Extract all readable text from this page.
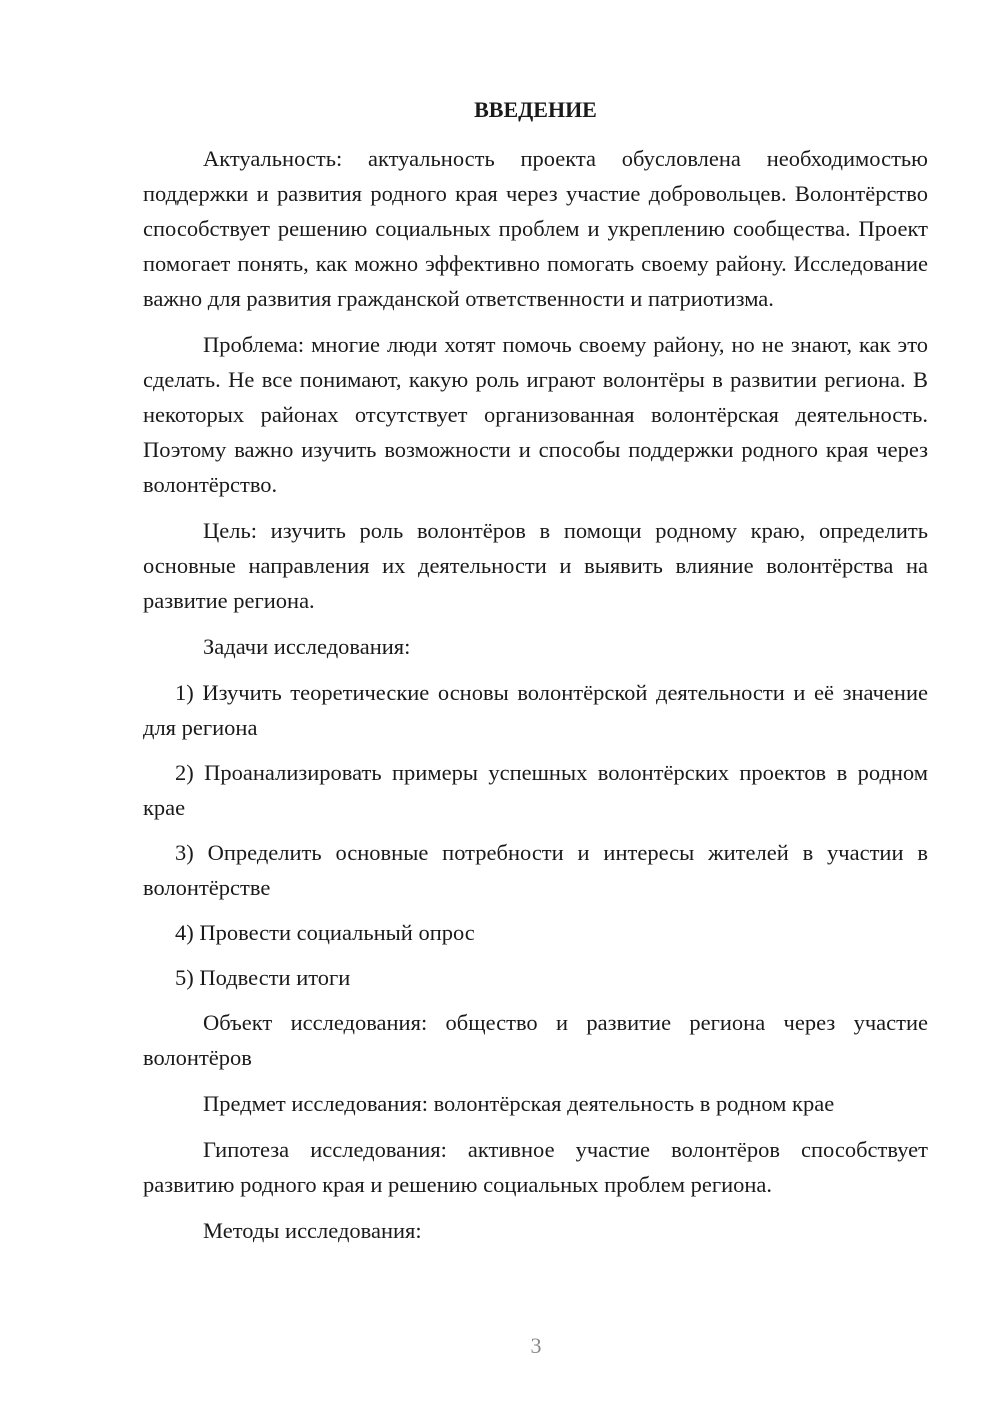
ВВЕДЕНИЕ

Актуальность: актуальность проекта обусловлена необходимостью поддержки и развития родного края через участие добровольцев. Волонтёрство способствует решению социальных проблем и укреплению сообщества. Проект помогает понять, как можно эффективно помогать своему району. Исследование важно для развития гражданской ответственности и патриотизма.

Проблема: многие люди хотят помочь своему району, но не знают, как это сделать. Не все понимают, какую роль играют волонтёры в развитии региона. В некоторых районах отсутствует организованная волонтёрская деятельность. Поэтому важно изучить возможности и способы поддержки родного края через волонтёрство.

Цель: изучить роль волонтёров в помощи родному краю, определить основные направления их деятельности и выявить влияние волонтёрства на развитие региона.

Задачи исследования:

1) Изучить теоретические основы волонтёрской деятельности и её значение для региона

2) Проанализировать примеры успешных волонтёрских проектов в родном крае

3) Определить основные потребности и интересы жителей в участии в волонтёрстве

4) Провести социальный опрос

5) Подвести итоги

Объект исследования: общество и развитие региона через участие волонтёров

Предмет исследования: волонтёрская деятельность в родном крае

Гипотеза исследования: активное участие волонтёров способствует развитию родного края и решению социальных проблем региона.

Методы исследования:

3
